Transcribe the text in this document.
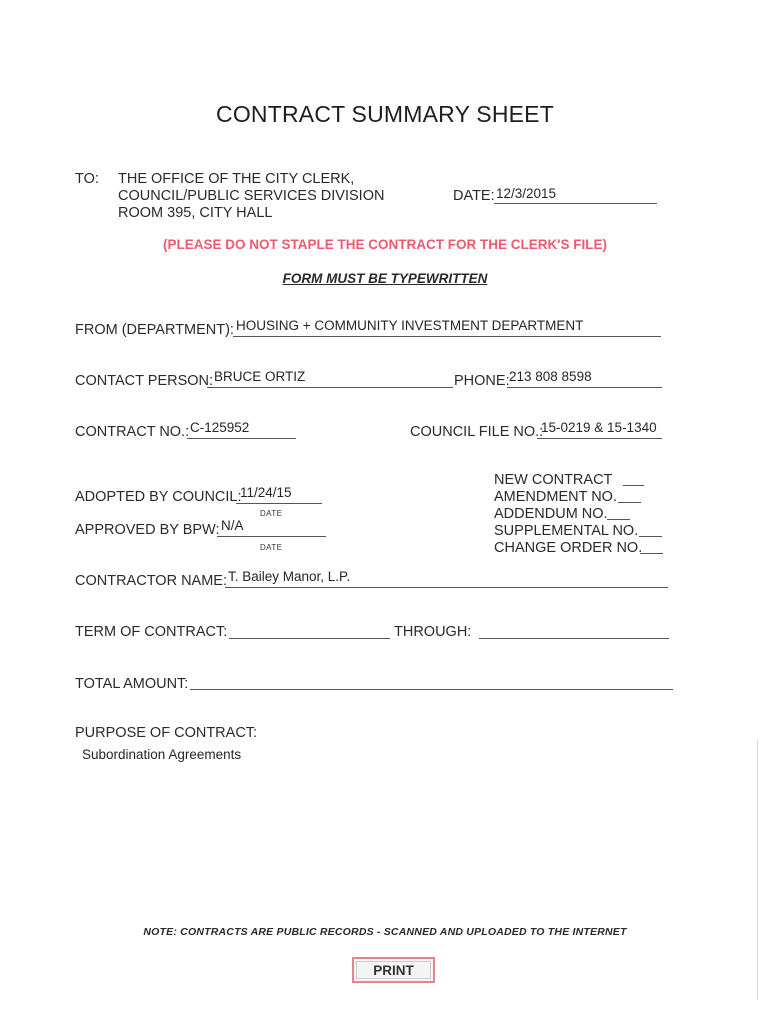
CONTRACT SUMMARY SHEET
TO: THE OFFICE OF THE CITY CLERK,
COUNCIL/PUBLIC SERVICES DIVISION
ROOM 395, CITY HALL
DATE: 12/3/2015
(PLEASE DO NOT STAPLE THE CONTRACT FOR THE CLERK'S FILE)
FORM MUST BE TYPEWRITTEN
FROM (DEPARTMENT): HOUSING + COMMUNITY INVESTMENT DEPARTMENT
CONTACT PERSON: BRUCE ORTIZ	PHONE: 213 808 8598
CONTRACT NO.: C-125952	COUNCIL FILE NO.:
15-0219 & 15-1340
ADOPTED BY COUNCIL:
11/24/15
DATE
APPROVED BY BPW: N/A
DATE
NEW CONTRACT
AMENDMENT NO.
ADDENDUM NO.
SUPPLEMENTAL NO.
CHANGE ORDER NO.
CONTRACTOR NAME: T. Bailey Manor, L.P.
TERM OF CONTRACT:	THROUGH:
TOTAL AMOUNT:
PURPOSE OF CONTRACT:
Subordination Agreements
NOTE: CONTRACTS ARE PUBLIC RECORDS - SCANNED AND UPLOADED TO THE INTERNET
PRINT
